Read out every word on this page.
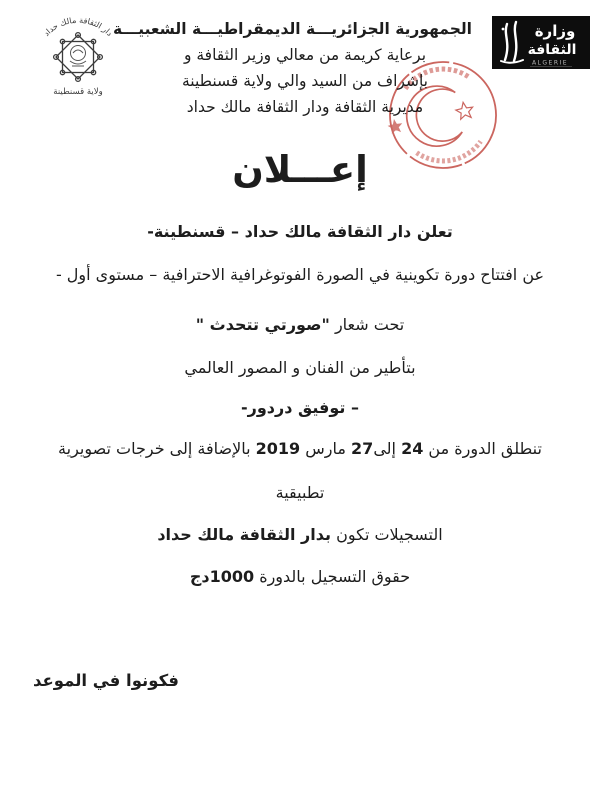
دار الثقافة مالك حداد
ولاية قسنطينة
وزارة
الثقافة
ALGERIE

الجمهورية الجزائريـــة الديمقراطيـــة الشعبيـــة

برعاية كريمة من معالي وزير الثقافة و

بإشراف من السيد والي ولاية قسنطينة

مديرية الثقافة ودار الثقافة مالك حداد

إعـــلان

تعلن دار الثقافة مالك حداد – قسنطينة-

عن افتتاح دورة تكوينية في الصورة الفوتوغرافية الاحترافية – مستوى أول -

تحت شعار "صورتي تتحدث "

بتأطير من الفنان و المصور العالمي

– توفيق دردور-

تنطلق الدورة من 24 إلى27 مارس 2019 بالإضافة إلى خرجات تصويرية

تطبيقية

التسجيلات تكون بدار الثقافة مالك حداد

حقوق التسجيل بالدورة 1000دج

فكونوا في الموعد
